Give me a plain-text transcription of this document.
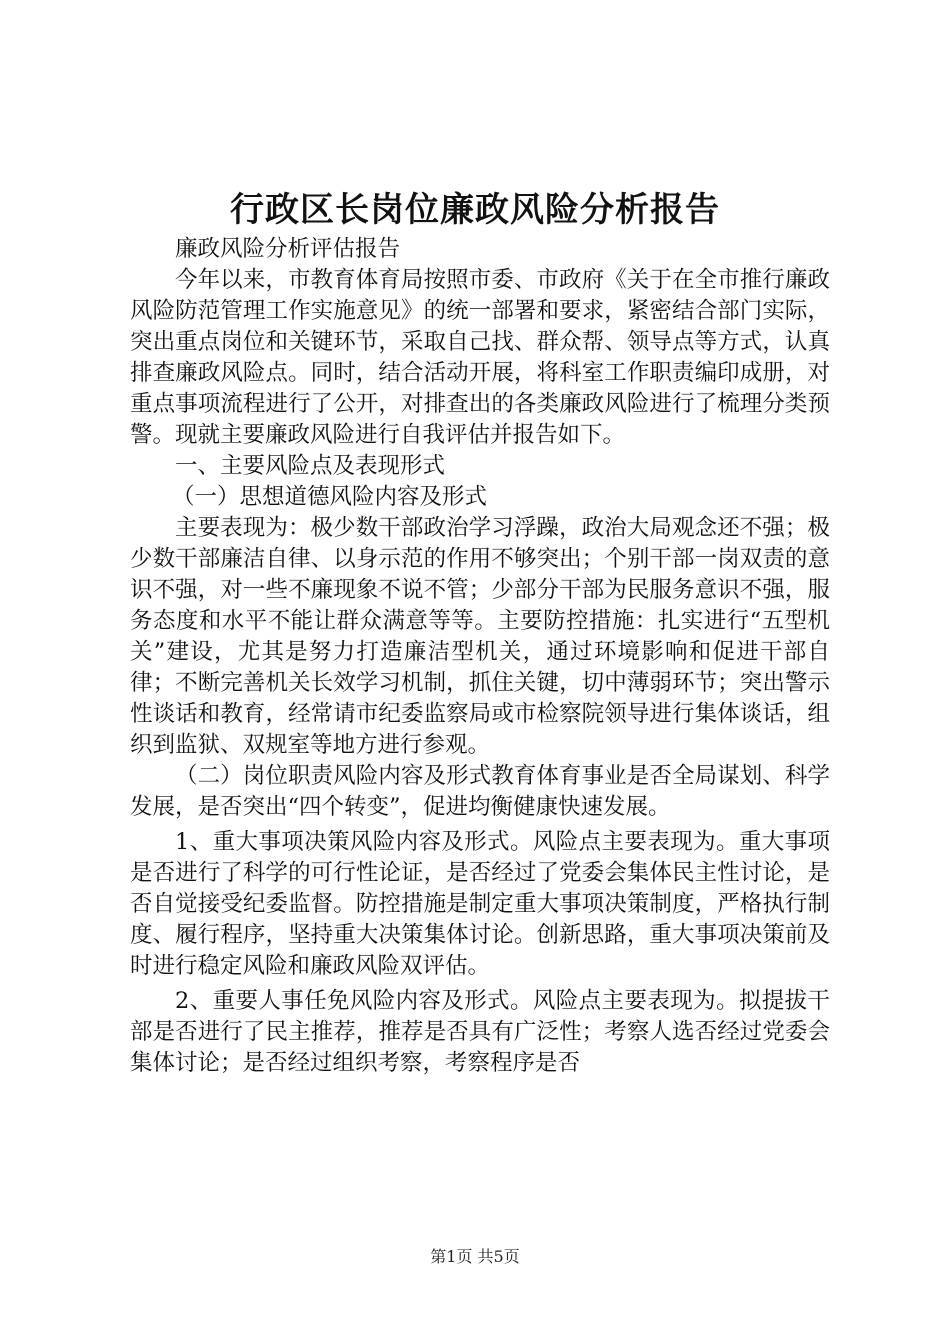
行政区长岗位廉政风险分析报告

廉政风险分析评估报告

今年以来，市教育体育局按照市委、市政府《关于在全市推行廉政风险防范管理工作实施意见》的统一部署和要求，紧密结合部门实际，突出重点岗位和关键环节，采取自己找、群众帮、领导点等方式，认真排查廉政风险点。同时，结合活动开展，将科室工作职责编印成册，对重点事项流程进行了公开，对排查出的各类廉政风险进行了梳理分类预警。现就主要廉政风险进行自我评估并报告如下。

一、主要风险点及表现形式

（一）思想道德风险内容及形式

主要表现为：极少数干部政治学习浮躁，政治大局观念还不强；极少数干部廉洁自律、以身示范的作用不够突出；个别干部一岗双责的意识不强，对一些不廉现象不说不管；少部分干部为民服务意识不强，服务态度和水平不能让群众满意等等。主要防控措施：扎实进行“五型机关”建设，尤其是努力打造廉洁型机关，通过环境影响和促进干部自律；不断完善机关长效学习机制，抓住关键，切中薄弱环节；突出警示性谈话和教育，经常请市纪委监察局或市检察院领导进行集体谈话，组织到监狱、双规室等地方进行参观。

（二）岗位职责风险内容及形式教育体育事业是否全局谋划、科学发展，是否突出“四个转变”，促进均衡健康快速发展。

1、重大事项决策风险内容及形式。风险点主要表现为。重大事项是否进行了科学的可行性论证，是否经过了党委会集体民主性讨论，是否自觉接受纪委监督。防控措施是制定重大事项决策制度，严格执行制度、履行程序，坚持重大决策集体讨论。创新思路，重大事项决策前及时进行稳定风险和廉政风险双评估。

2、重要人事任免风险内容及形式。风险点主要表现为。拟提拔干部是否进行了民主推荐，推荐是否具有广泛性；考察人选否经过党委会集体讨论；是否经过组织考察，考察程序是否

第1页 共5页
